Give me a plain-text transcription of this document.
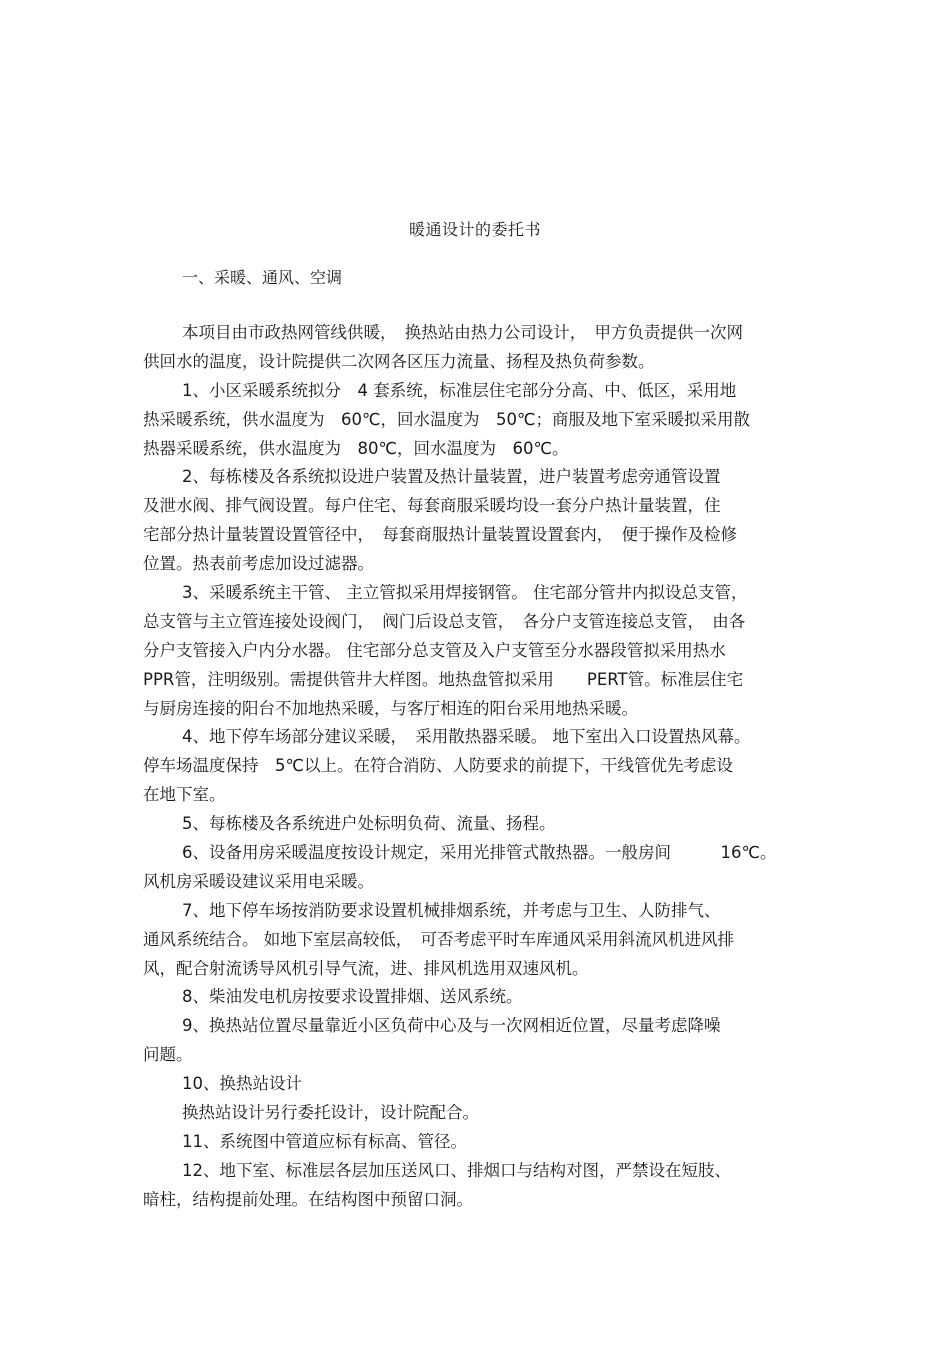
暖通设计的委托书
一、采暖、通风、空调
本项目由市政热网管线供暖，　换热站由热力公司设计，　甲方负责提供一次网
供回水的温度，设计院提供二次网各区压力流量、扬程及热负荷参数。
1、小区采暖系统拟分　4 套系统，标准层住宅部分分高、中、低区，采用地
热采暖系统，供水温度为　60℃，回水温度为　50℃；商服及地下室采暖拟采用散
热器采暖系统，供水温度为　80℃，回水温度为　60℃。
2、每栋楼及各系统拟设进户装置及热计量装置，进户装置考虑旁通管设置
及泄水阀、排气阀设置。每户住宅、每套商服采暖均设一套分户热计量装置，住
宅部分热计量装置设置管径中，　每套商服热计量装置设置套内，　便于操作及检修
位置。热表前考虑加设过滤器。
3、采暖系统主干管、 主立管拟采用焊接钢管。 住宅部分管井内拟设总支管，
总支管与主立管连接处设阀门，　阀门后设总支管，　各分户支管连接总支管，　由各
分户支管接入户内分水器。 住宅部分总支管及入户支管至分水器段管拟采用热水
PPR管，注明级别。需提供管井大样图。地热盘管拟采用　　PERT管。标准层住宅
与厨房连接的阳台不加地热采暖，与客厅相连的阳台采用地热采暖。
4、地下停车场部分建议采暖，　采用散热器采暖。 地下室出入口设置热风幕。
停车场温度保持　5℃以上。在符合消防、人防要求的前提下，干线管优先考虑设
在地下室。
5、每栋楼及各系统进户处标明负荷、流量、扬程。
6、设备用房采暖温度按设计规定，采用光排管式散热器。一般房间　　　16℃。
风机房采暖设建议采用电采暖。
7、地下停车场按消防要求设置机械排烟系统，并考虑与卫生、人防排气、
通风系统结合。 如地下室层高较低，　可否考虑平时车库通风采用斜流风机进风排
风，配合射流诱导风机引导气流，进、排风机选用双速风机。
8、柴油发电机房按要求设置排烟、送风系统。
9、换热站位置尽量靠近小区负荷中心及与一次网相近位置，尽量考虑降噪
问题。
10、换热站设计
换热站设计另行委托设计，设计院配合。
11、系统图中管道应标有标高、管径。
12、地下室、标准层各层加压送风口、排烟口与结构对图，严禁设在短肢、
暗柱，结构提前处理。在结构图中预留口洞。
